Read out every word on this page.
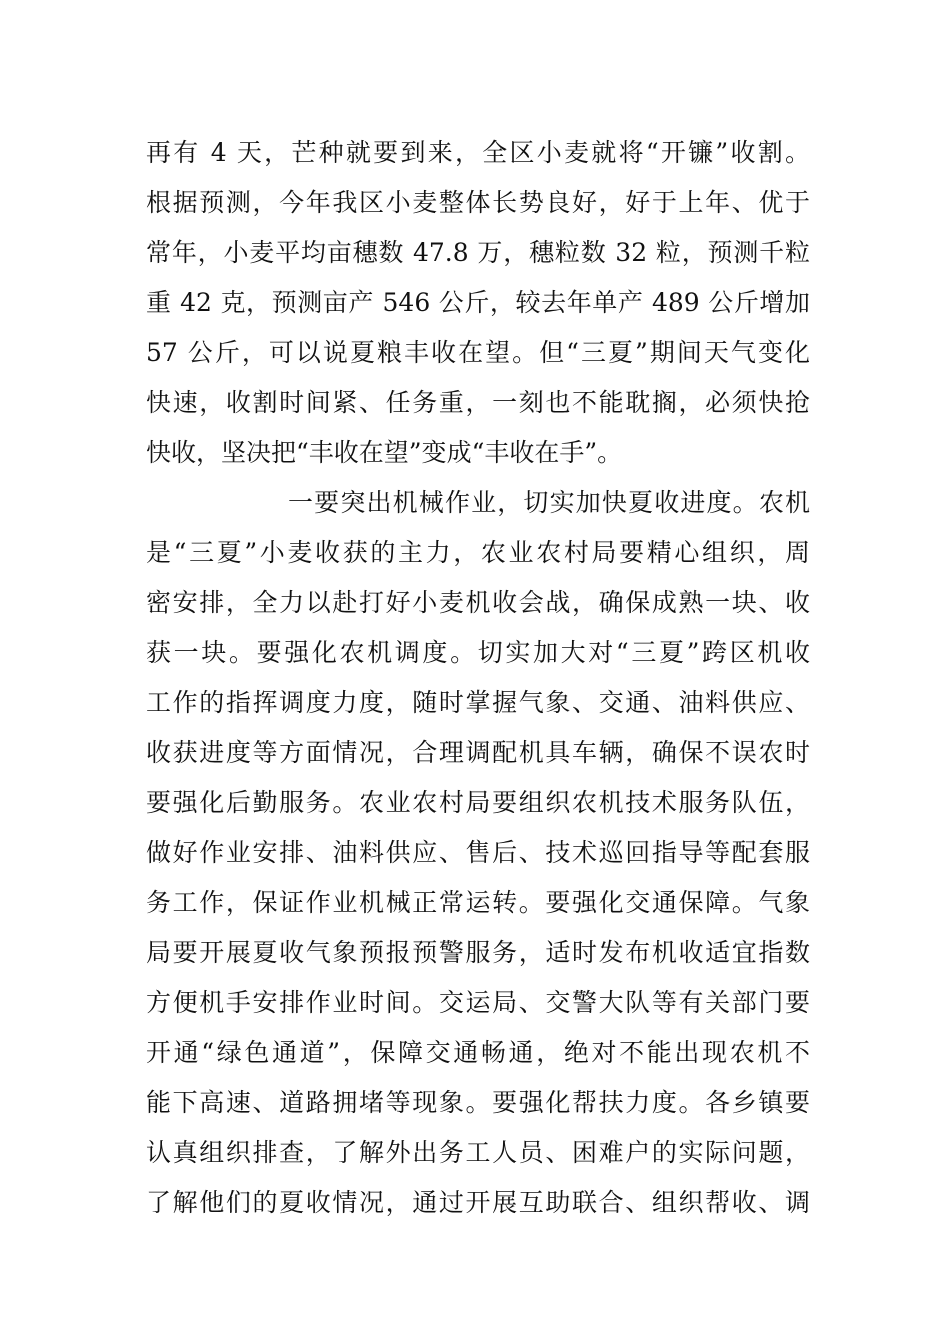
再有 4 天，芒种就要到来，全区小麦就将“开镰”收割。
根据预测，今年我区小麦整体长势良好，好于上年、优于
常年，小麦平均亩穗数 47.8 万，穗粒数 32 粒，预测千粒
重 42 克，预测亩产 546 公斤，较去年单产 489 公斤增加
57 公斤，可以说夏粮丰收在望。但“三夏”期间天气变化
快速，收割时间紧、任务重，一刻也不能耽搁，必须快抢
快收，坚决把“丰收在望”变成“丰收在手”。
一要突出机械作业，切实加快夏收进度。农机
是“三夏”小麦收获的主力，农业农村局要精心组织，周
密安排，全力以赴打好小麦机收会战，确保成熟一块、收
获一块。要强化农机调度。切实加大对“三夏”跨区机收
工作的指挥调度力度，随时掌握气象、交通、油料供应、
收获进度等方面情况，合理调配机具车辆，确保不误农时
要强化后勤服务。农业农村局要组织农机技术服务队伍，
做好作业安排、油料供应、售后、技术巡回指导等配套服
务工作，保证作业机械正常运转。要强化交通保障。气象
局要开展夏收气象预报预警服务，适时发布机收适宜指数
方便机手安排作业时间。交运局、交警大队等有关部门要
开通“绿色通道”，保障交通畅通，绝对不能出现农机不
能下高速、道路拥堵等现象。要强化帮扶力度。各乡镇要
认真组织排查，了解外出务工人员、困难户的实际问题，
了解他们的夏收情况，通过开展互助联合、组织帮收、调
